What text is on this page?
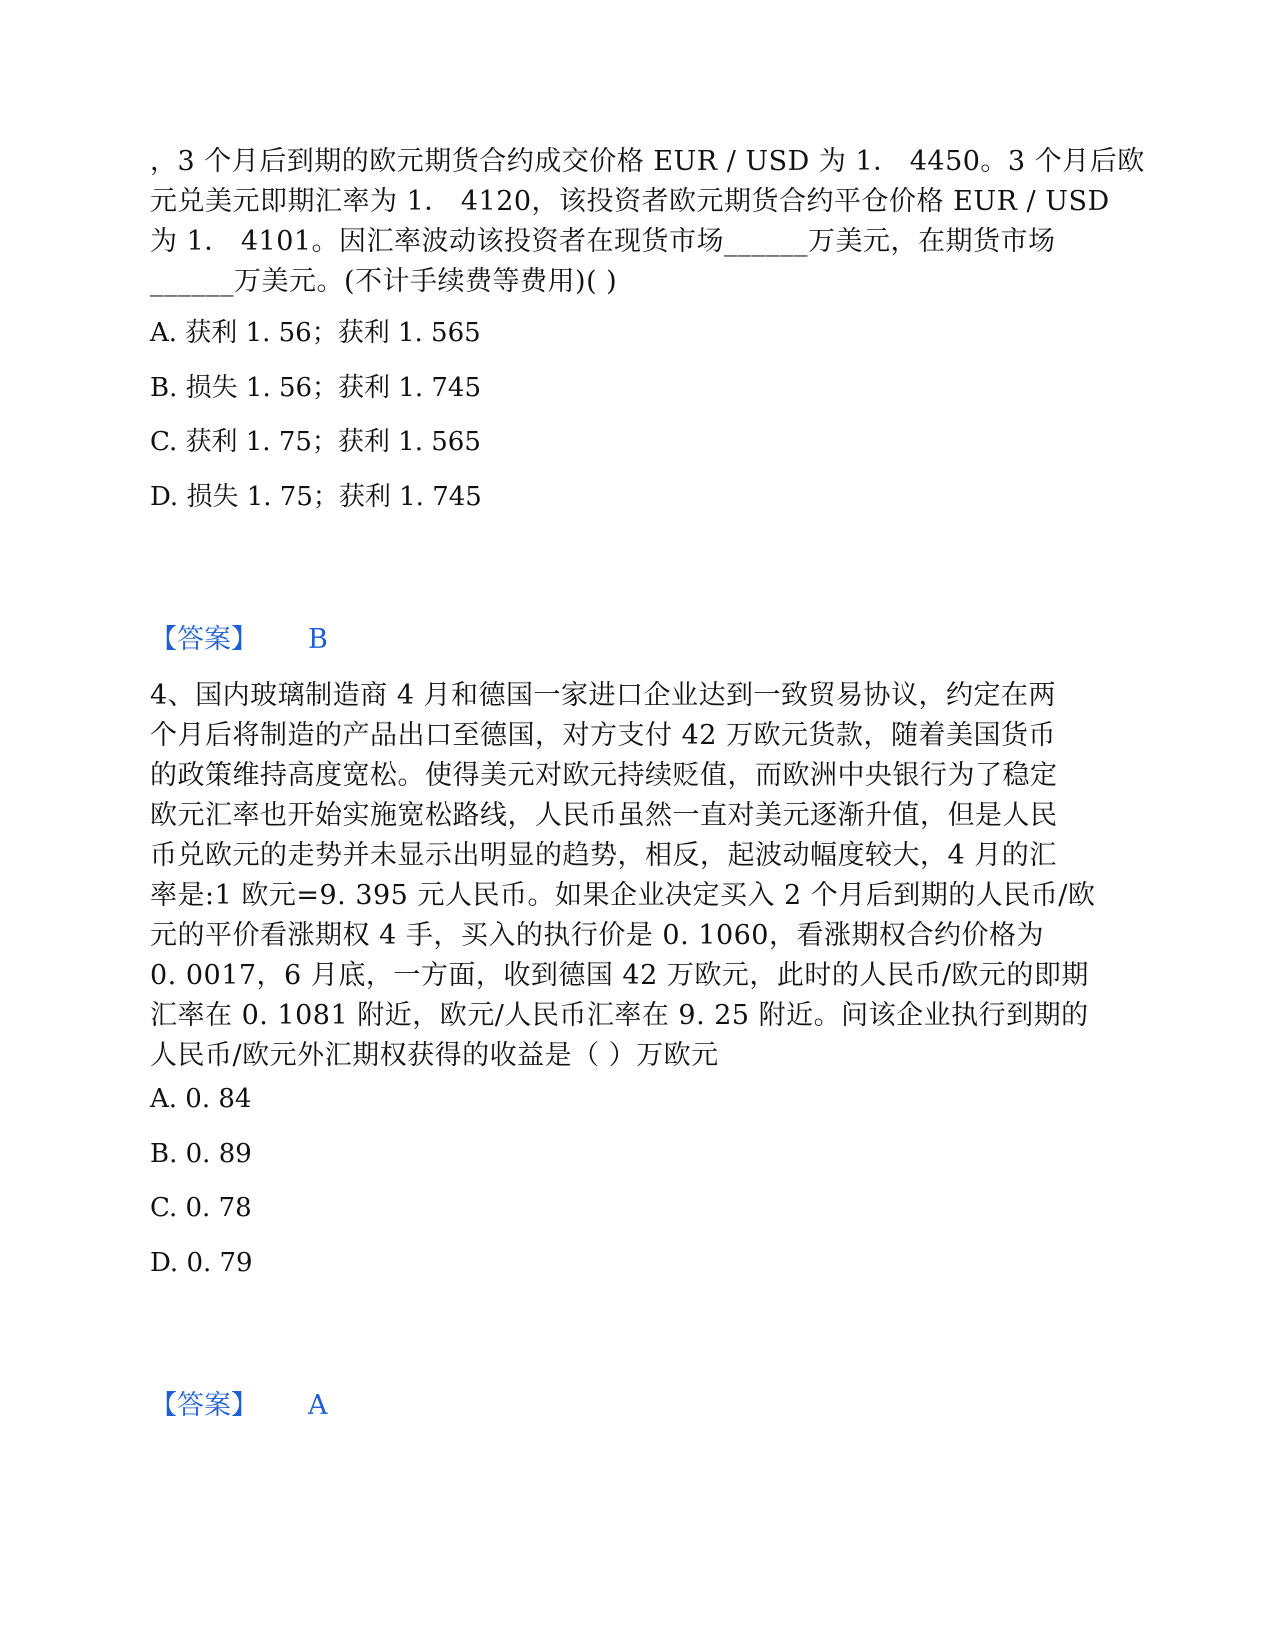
，3 个月后到期的欧元期货合约成交价格 EUR / USD 为 1． 4450。3 个月后欧
元兑美元即期汇率为 1． 4120，该投资者欧元期货合约平仓价格 EUR / USD
为 1． 4101。因汇率波动该投资者在现货市场______万美元，在期货市场
______万美元。(不计手续费等费用)( )
A. 获利 1. 56；获利 1. 565
B. 损失 1. 56；获利 1. 745
C. 获利 1. 75；获利 1. 565
D. 损失 1. 75；获利 1. 745
【答案】 B
4、国内玻璃制造商 4 月和德国一家进口企业达到一致贸易协议，约定在两
个月后将制造的产品出口至德国，对方支付 42 万欧元货款，随着美国货币
的政策维持高度宽松。使得美元对欧元持续贬值，而欧洲中央银行为了稳定
欧元汇率也开始实施宽松路线，人民币虽然一直对美元逐渐升值，但是人民
币兑欧元的走势并未显示出明显的趋势，相反，起波动幅度较大，4 月的汇
率是:1 欧元=9. 395 元人民币。如果企业决定买入 2 个月后到期的人民币/欧
元的平价看涨期权 4 手，买入的执行价是 0. 1060，看涨期权合约价格为
0. 0017，6 月底，一方面，收到德国 42 万欧元，此时的人民币/欧元的即期
汇率在 0. 1081 附近，欧元/人民币汇率在 9. 25 附近。问该企业执行到期的
人民币/欧元外汇期权获得的收益是（ ）万欧元
A. 0. 84
B. 0. 89
C. 0. 78
D. 0. 79
【答案】 A
